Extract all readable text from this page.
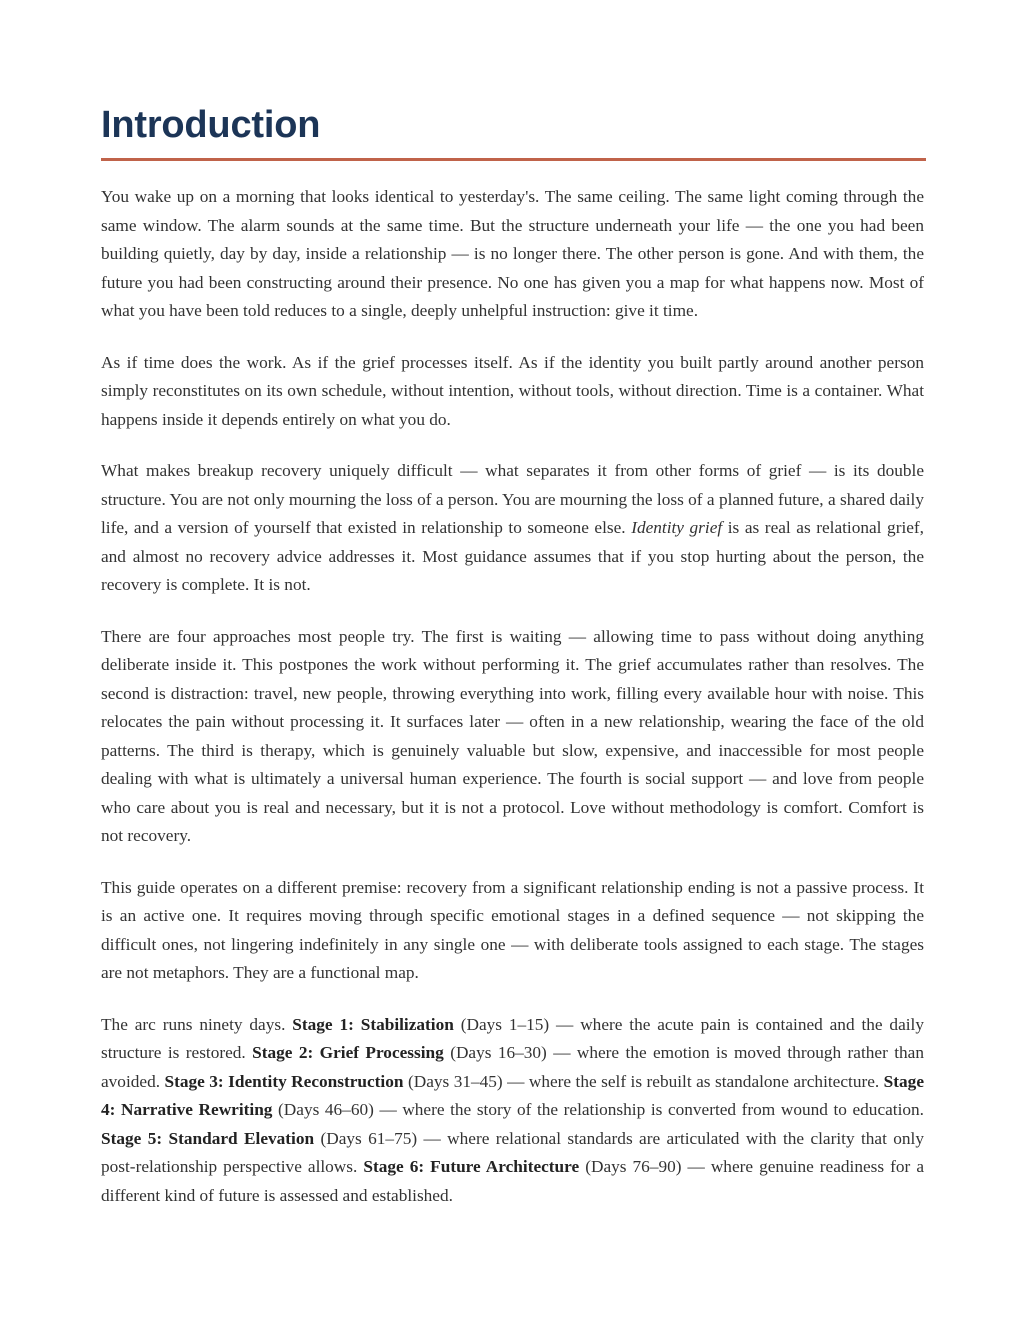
Introduction

You wake up on a morning that looks identical to yesterday's. The same ceiling. The same light coming through the same window. The alarm sounds at the same time. But the structure underneath your life — the one you had been building quietly, day by day, inside a relationship — is no longer there. The other person is gone. And with them, the future you had been constructing around their presence. No one has given you a map for what happens now. Most of what you have been told reduces to a single, deeply unhelpful instruction: give it time.

As if time does the work. As if the grief processes itself. As if the identity you built partly around another person simply reconstitutes on its own schedule, without intention, without tools, without direction. Time is a container. What happens inside it depends entirely on what you do.

What makes breakup recovery uniquely difficult — what separates it from other forms of grief — is its double structure. You are not only mourning the loss of a person. You are mourning the loss of a planned future, a shared daily life, and a version of yourself that existed in relationship to someone else. Identity grief is as real as relational grief, and almost no recovery advice addresses it. Most guidance assumes that if you stop hurting about the person, the recovery is complete. It is not.

There are four approaches most people try. The first is waiting — allowing time to pass without doing anything deliberate inside it. This postpones the work without performing it. The grief accumulates rather than resolves. The second is distraction: travel, new people, throwing everything into work, filling every available hour with noise. This relocates the pain without processing it. It surfaces later — often in a new relationship, wearing the face of the old patterns. The third is therapy, which is genuinely valuable but slow, expensive, and inaccessible for most people dealing with what is ultimately a universal human experience. The fourth is social support — and love from people who care about you is real and necessary, but it is not a protocol. Love without methodology is comfort. Comfort is not recovery.

This guide operates on a different premise: recovery from a significant relationship ending is not a passive process. It is an active one. It requires moving through specific emotional stages in a defined sequence — not skipping the difficult ones, not lingering indefinitely in any single one — with deliberate tools assigned to each stage. The stages are not metaphors. They are a functional map.

The arc runs ninety days. Stage 1: Stabilization (Days 1–15) — where the acute pain is contained and the daily structure is restored. Stage 2: Grief Processing (Days 16–30) — where the emotion is moved through rather than avoided. Stage 3: Identity Reconstruction (Days 31–45) — where the self is rebuilt as standalone architecture. Stage 4: Narrative Rewriting (Days 46–60) — where the story of the relationship is converted from wound to education. Stage 5: Standard Elevation (Days 61–75) — where relational standards are articulated with the clarity that only post-relationship perspective allows. Stage 6: Future Architecture (Days 76–90) — where genuine readiness for a different kind of future is assessed and established.
